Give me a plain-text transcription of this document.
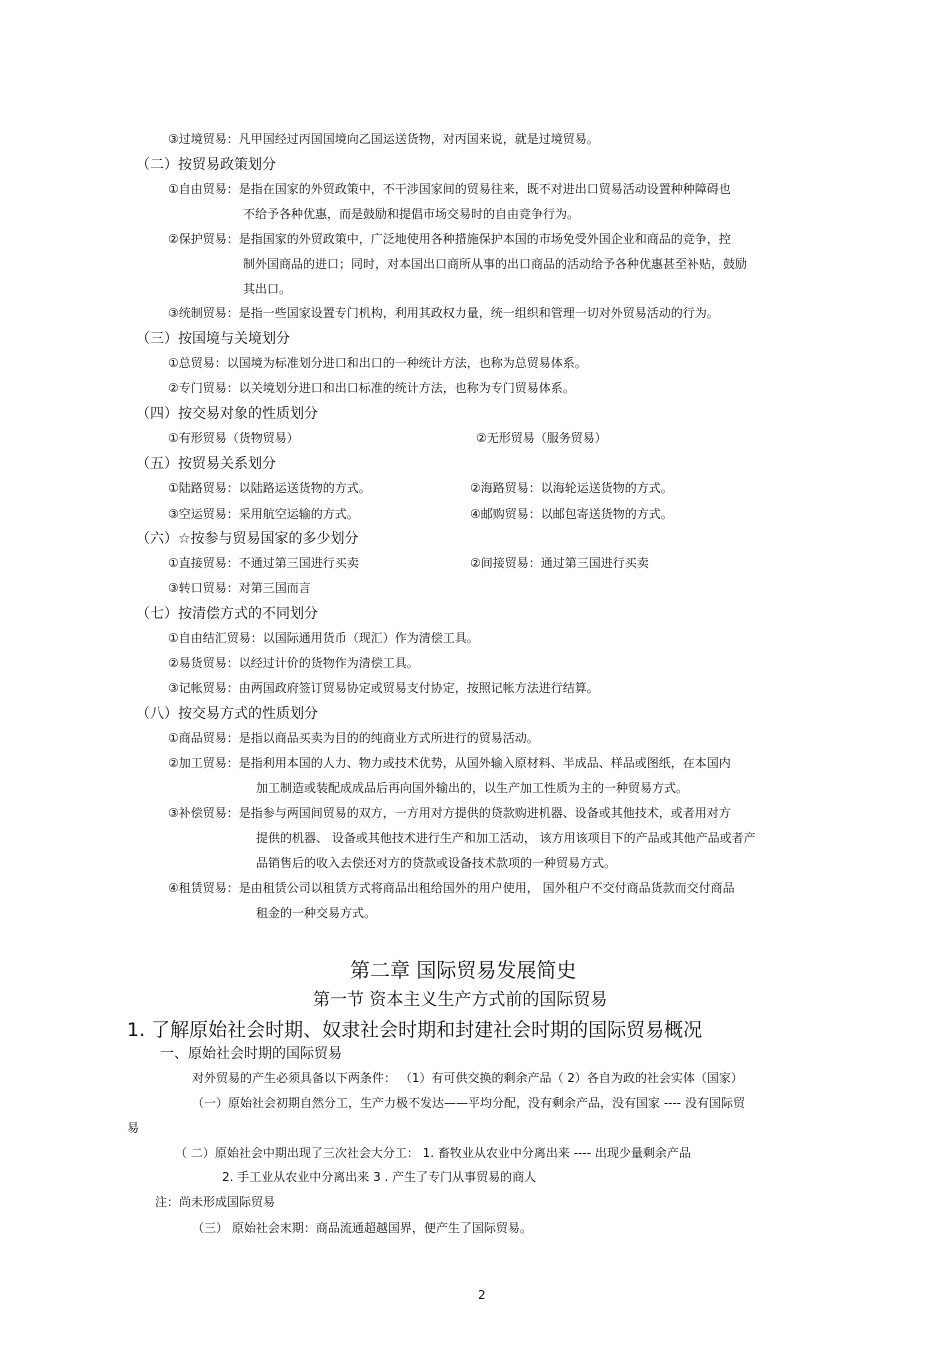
③过境贸易：凡甲国经过丙国国境向乙国运送货物，对丙国来说，就是过境贸易。
（二）按贸易政策划分
①自由贸易：是指在国家的外贸政策中，不干涉国家间的贸易往来，既不对进出口贸易活动设置种种障碍也
不给予各种优惠，而是鼓励和提倡市场交易时的自由竞争行为。
②保护贸易：是指国家的外贸政策中，广泛地使用各种措施保护本国的市场免受外国企业和商品的竞争，控
制外国商品的进口；同时，对本国出口商所从事的出口商品的活动给予各种优惠甚至补贴，鼓励
其出口。
③统制贸易：是指一些国家设置专门机构，利用其政权力量，统一组织和管理一切对外贸易活动的行为。
（三）按国境与关境划分
①总贸易：以国境为标准划分进口和出口的一种统计方法，也称为总贸易体系。
②专门贸易：以关境划分进口和出口标准的统计方法，也称为专门贸易体系。
（四）按交易对象的性质划分
①有形贸易（货物贸易）	②无形贸易（服务贸易）
（五）按贸易关系划分
①陆路贸易：以陆路运送货物的方式。	②海路贸易：以海轮运送货物的方式。
③空运贸易：采用航空运输的方式。	④邮购贸易：以邮包寄送货物的方式。
（六）☆按参与贸易国家的多少划分
①直接贸易：不通过第三国进行买卖	②间接贸易：通过第三国进行买卖
③转口贸易：对第三国而言
（七）按清偿方式的不同划分
①自由结汇贸易：以国际通用货币（现汇）作为清偿工具。
②易货贸易：以经过计价的货物作为清偿工具。
③记帐贸易：由两国政府签订贸易协定或贸易支付协定，按照记帐方法进行结算。
（八）按交易方式的性质划分
①商品贸易：是指以商品买卖为目的的纯商业方式所进行的贸易活动。
②加工贸易：是指利用本国的人力、物力或技术优势，从国外输入原材料、半成品、样品或图纸，在本国内
加工制造或装配成成品后再向国外输出的，以生产加工性质为主的一种贸易方式。
③补偿贸易：是指参与两国间贸易的双方，一方用对方提供的贷款购进机器、设备或其他技术，或者用对方
提供的机器、 设备或其他技术进行生产和加工活动， 该方用该项目下的产品或其他产品或者产
品销售后的收入去偿还对方的贷款或设备技术款项的一种贸易方式。
④租赁贸易：是由租赁公司以租赁方式将商品出租给国外的用户使用， 国外租户不交付商品货款而交付商品
租金的一种交易方式。
第二章 国际贸易发展简史
第一节 资本主义生产方式前的国际贸易
1. 了解原始社会时期、奴隶社会时期和封建社会时期的国际贸易概况
一、原始社会时期的国际贸易
对外贸易的产生必须具备以下两条件： （1）有可供交换的剩余产品（ 2）各自为政的社会实体（国家）
（一）原始社会初期自然分工，生产力极不发达——平均分配，没有剩余产品，没有国家 ---- 没有国际贸
易
（ 二）原始社会中期出现了三次社会大分工： 1. 畜牧业从农业中分离出来 ---- 出现少量剩余产品
2. 手工业从农业中分离出来 3 . 产生了专门从事贸易的商人
注：尚未形成国际贸易
（三） 原始社会末期：商品流通超越国界，便产生了国际贸易。
2
